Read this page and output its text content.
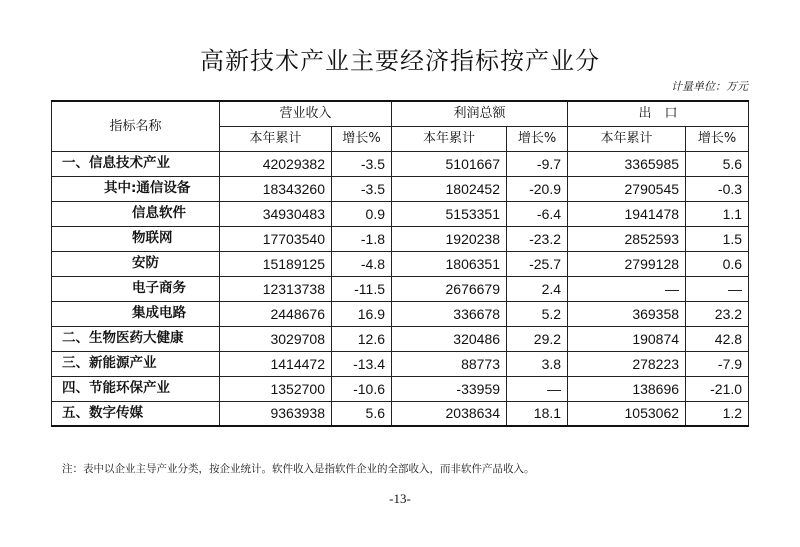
高新技术产业主要经济指标按产业分
计量单位：万元
指标名称	营业收入		利润总额		出　口	
	本年累计	增长%	本年累计	增长%	本年累计	增长%
一、信息技术产业	42029382	-3.5	5101667	-9.7	3365985	5.6
其中:通信设备	18343260	-3.5	1802452	-20.9	2790545	-0.3
信息软件	34930483	0.9	5153351	-6.4	1941478	1.1
物联网	17703540	-1.8	1920238	-23.2	2852593	1.5
安防	15189125	-4.8	1806351	-25.7	2799128	0.6
电子商务	12313738	-11.5	2676679	2.4	—	—
集成电路	2448676	16.9	336678	5.2	369358	23.2
二、生物医药大健康	3029708	12.6	320486	29.2	190874	42.8
三、新能源产业	1414472	-13.4	88773	3.8	278223	-7.9
四、节能环保产业	1352700	-10.6	-33959	—	138696	-21.0
五、数字传媒	9363938	5.6	2038634	18.1	1053062	1.2
注：表中以企业主导产业分类，按企业统计。软件收入是指软件企业的全部收入，而非软件产品收入。
-13-
